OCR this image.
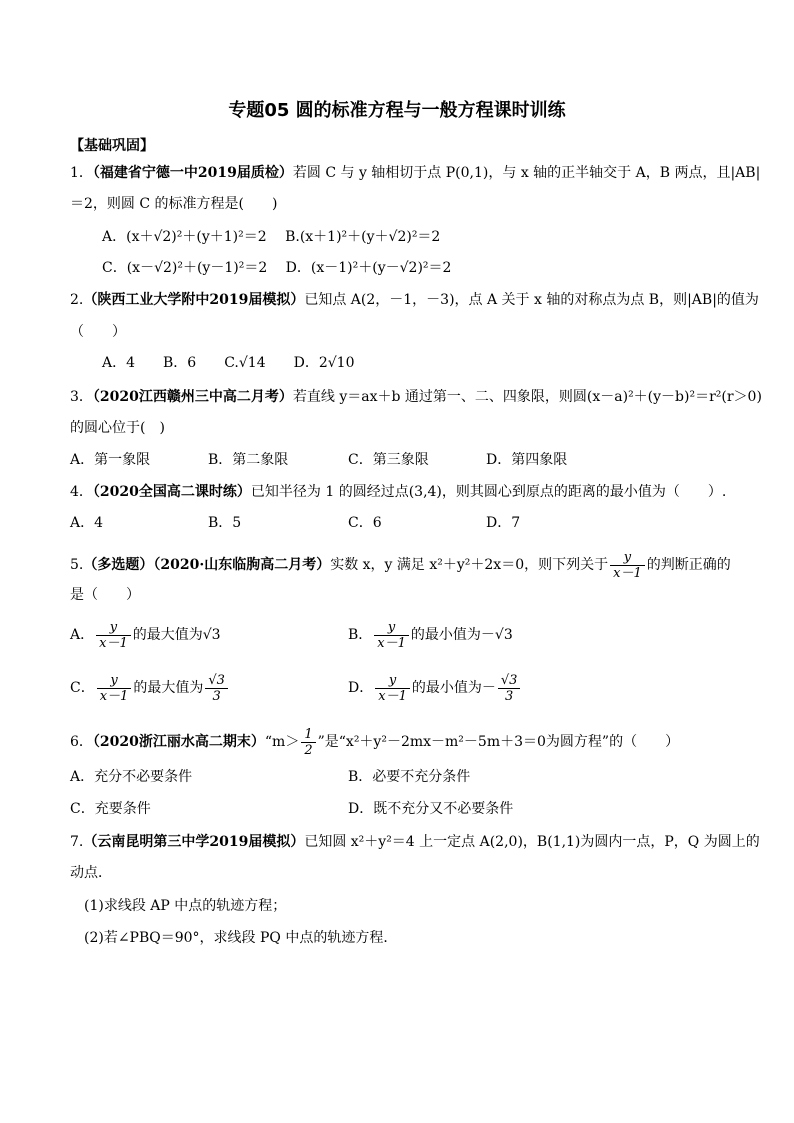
专题05 圆的标准方程与一般方程课时训练
【基础巩固】
1．（福建省宁德一中2019届质检）若圆 C 与 y 轴相切于点 P(0,1)，与 x 轴的正半轴交于 A，B 两点，且|AB|
＝2，则圆 C 的标准方程是(　　)
A．(x＋√2)²＋(y＋1)²＝2　 B.(x＋1)²＋(y＋√2)²＝2
C．(x－√2)²＋(y－1)²＝2　 D．(x－1)²＋(y－√2)²＝2
2.（陕西工业大学附中2019届模拟）已知点 A(2，－1，－3)，点 A 关于 x 轴的对称点为点 B，则|AB|的值为
（　　）
A．4　　B．6　　C.√14　　D．2√10
3．（2020江西赣州三中高二月考）若直线 y＝ax＋b 通过第一、二、四象限，则圆(x－a)²＋(y－b)²＝r²(r＞0)
的圆心位于(　)
A．第一象限	B．第二象限	C．第三象限	D．第四象限
4．（2020全国高二课时练）已知半径为 1 的圆经过点(3,4)，则其圆心到原点的距离的最小值为（　　）.
A．4	B．5	C．6	D．7
5.（多选题）（2020·山东临朐高二月考）实数 x，y 满足 x²＋y²＋2x＝0，则下列关于 $\frac{y}{x-1}$ 的判断正确的
是（　　）
A． $\frac{y}{x-1}$ 的最大值为√3	B． $\frac{y}{x-1}$ 的最小值为－√3
C． $\frac{y}{x-1}$ 的最大值为 $\frac{√3}{3}$	D． $\frac{y}{x-1}$ 的最小值为－ $\frac{√3}{3}$
6．（2020浙江丽水高二期末）“m＞ $\frac{1}{2}$ ”是“x²＋y²－2mx－m²－5m＋3＝0为圆方程”的（　　）
A．充分不必要条件	B．必要不充分条件
C．充要条件	D．既不充分又不必要条件
7.（云南昆明第三中学2019届模拟）已知圆 x²＋y²＝4 上一定点 A(2,0)，B(1,1)为圆内一点，P，Q 为圆上的
动点．
(1)求线段 AP 中点的轨迹方程；
(2)若∠PBQ＝90°，求线段 PQ 中点的轨迹方程．
